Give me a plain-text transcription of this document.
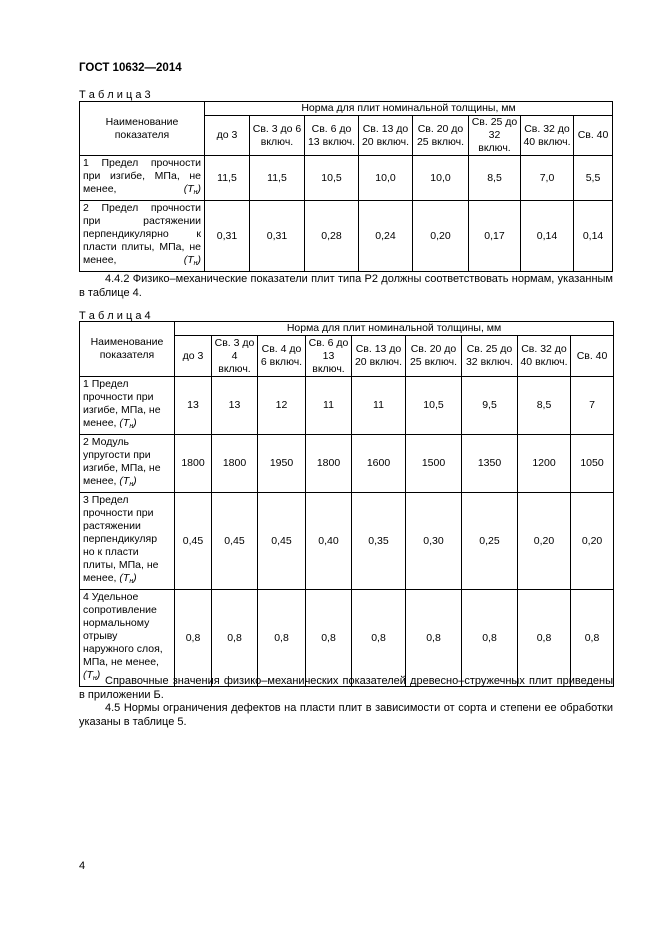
ГОСТ 10632—2014
Т а б л и ц а 3
Наименование показателя	Норма для плит номинальной толщины, мм							
	до 3	Св. 3 до 6 включ.	Св. 6 до 13 включ.	Св. 13 до 20 включ.	Св. 20 до 25 включ.	Св. 25 до 32 включ.	Св. 32 до 40 включ.	Св. 40
1 Предел прочности при изгибе, МПа, не менее, $(Т_н)$	11,5	11,5	10,5	10,0	10,0	8,5	7,0	5,5
2 Предел прочности при растяжении перпендикулярно к пласти плиты, МПа, не менее, $(Т_н)$	0,31	0,31	0,28	0,24	0,20	0,17	0,14	0,14
4.4.2 Физико–механические показатели плит типа Р2 должны соответствовать нормам, указанным в таблице 4.
Т а б л и ц а 4
Наименование показателя	Норма для плит номинальной толщины, мм								
	до 3	Св. 3 до 4 включ.	Св. 4 до 6 включ.	Св. 6 до 13 включ.	Св. 13 до 20 включ.	Св. 20 до 25 включ.	Св. 25 до 32 включ.	Св. 32 до 40 включ.	Св. 40
1 Предел прочности при изгибе, МПа, не менее, $(Т_н)$	13	13	12	11	11	10,5	9,5	8,5	7
2 Модуль упругости при изгибе, МПа, не менее, $(Т_н)$	1800	1800	1950	1800	1600	1500	1350	1200	1050
3 Предел прочности при растяжении перпендикуляр но к пласти плиты, МПа, не менее, $(Т_н)$	0,45	0,45	0,45	0,40	0,35	0,30	0,25	0,20	0,20
4 Удельное сопротивление нормальному отрыву наружного слоя, МПа, не менее, $(Т_н)$	0,8	0,8	0,8	0,8	0,8	0,8	0,8	0,8	0,8
Справочные значения физико–механических показателей древесно–стружечных плит приведены в приложении Б.
4.5 Нормы ограничения дефектов на пласти плит в зависимости от сорта и степени ее обработки указаны в таблице 5.
4
